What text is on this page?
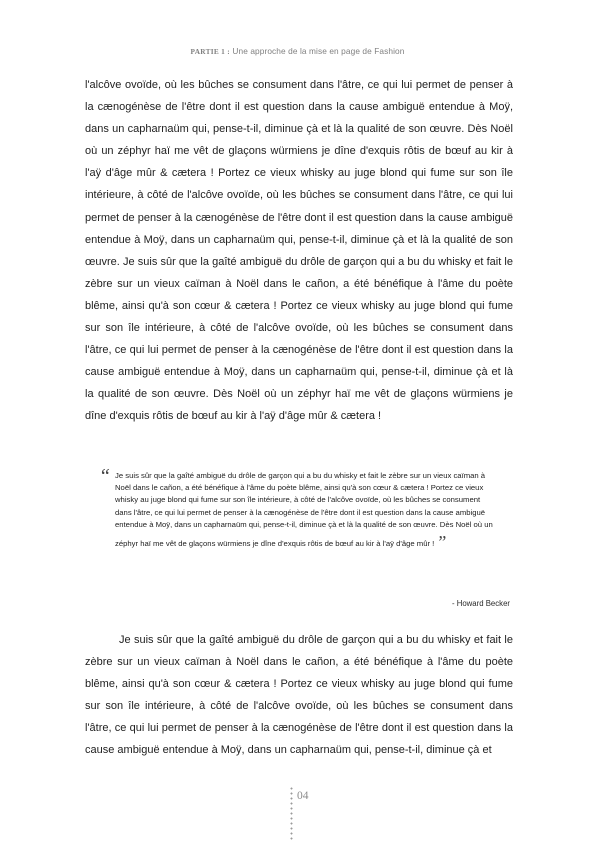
PARTIE 1 : Une approche de la mise en page de Fashion

l'alcôve ovoïde, où les bûches se consument dans l'âtre, ce qui lui permet de penser à la cænogénèse de l'être dont il est question dans la cause ambiguë entendue à Moÿ, dans un capharnaüm qui, pense-t-il, diminue çà et là la qualité de son œuvre. Dès Noël où un zéphyr haï me vêt de glaçons würmiens je dîne d'exquis rôtis de bœuf au kir à l'aÿ d'âge mûr & cætera ! Portez ce vieux whisky au juge blond qui fume sur son île intérieure, à côté de l'alcôve ovoïde, où les bûches se consument dans l'âtre, ce qui lui permet de penser à la cænogénèse de l'être dont il est question dans la cause ambiguë entendue à Moÿ, dans un capharnaüm qui, pense-t-il, diminue çà et là la qualité de son œuvre. Je suis sûr que la gaîté ambiguë du drôle de garçon qui a bu du whisky et fait le zèbre sur un vieux caïman à Noël dans le cañon, a été bénéfique à l'âme du poète blême, ainsi qu'à son cœur & cætera ! Portez ce vieux whisky au juge blond qui fume sur son île intérieure, à côté de l'alcôve ovoïde, où les bûches se consument dans l'âtre, ce qui lui permet de penser à la cænogénèse de l'être dont il est question dans la cause ambiguë entendue à Moÿ, dans un capharnaüm qui, pense-t-il, diminue çà et là la qualité de son œuvre. Dès Noël où un zéphyr haï me vêt de glaçons würmiens je dîne d'exquis rôtis de bœuf au kir à l'aÿ d'âge mûr & cætera !

“ Je suis sûr que la gaîté ambiguë du drôle de garçon qui a bu du whisky et fait le zèbre sur un vieux caïman à Noël dans le cañon, a été bénéfique à l'âme du poète blême, ainsi qu'à son cœur & cætera ! Portez ce vieux whisky au juge blond qui fume sur son île intérieure, à côté de l'alcôve ovoïde, où les bûches se consument dans l'âtre, ce qui lui permet de penser à la cænogénèse de l'être dont il est question dans la cause ambiguë entendue à Moÿ, dans un capharnaüm qui, pense-t-il, diminue çà et là la qualité de son œuvre. Dès Noël où un zéphyr haï me vêt de glaçons würmiens je dîne d'exquis rôtis de bœuf au kir à l'aÿ d'âge mûr ! ”

- Howard Becker

Je suis sûr que la gaîté ambiguë du drôle de garçon qui a bu du whisky et fait le zèbre sur un vieux caïman à Noël dans le cañon, a été bénéfique à l'âme du poète blême, ainsi qu'à son cœur & cætera ! Portez ce vieux whisky au juge blond qui fume sur son île intérieure, à côté de l'alcôve ovoïde, où les bûches se consument dans l'âtre, ce qui lui permet de penser à la cænogénèse de l'être dont il est question dans la cause ambiguë entendue à Moÿ, dans un capharnaüm qui, pense-t-il, diminue çà et

04
